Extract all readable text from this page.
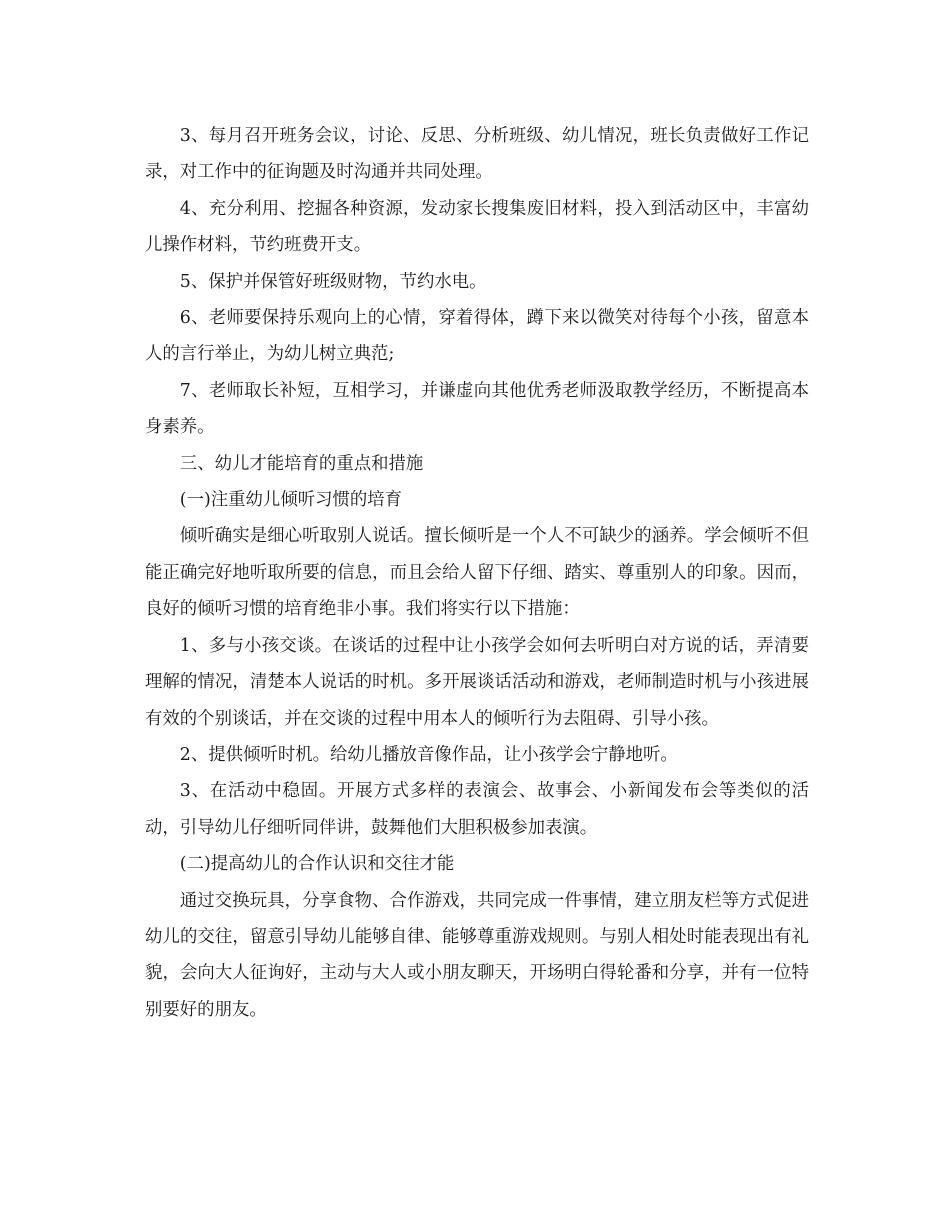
3、每月召开班务会议，讨论、反思、分析班级、幼儿情况，班长负责做好工作记录，对工作中的征询题及时沟通并共同处理。

4、充分利用、挖掘各种资源，发动家长搜集废旧材料，投入到活动区中，丰富幼儿操作材料，节约班费开支。

5、保护并保管好班级财物，节约水电。

6、老师要保持乐观向上的心情，穿着得体，蹲下来以微笑对待每个小孩，留意本人的言行举止，为幼儿树立典范;

7、老师取长补短，互相学习，并谦虚向其他优秀老师汲取教学经历，不断提高本身素养。

三、幼儿才能培育的重点和措施

(一)注重幼儿倾听习惯的培育

倾听确实是细心听取别人说话。擅长倾听是一个人不可缺少的涵养。学会倾听不但能正确完好地听取所要的信息，而且会给人留下仔细、踏实、尊重别人的印象。因而，良好的倾听习惯的培育绝非小事。我们将实行以下措施：

1、多与小孩交谈。在谈话的过程中让小孩学会如何去听明白对方说的话，弄清要理解的情况，清楚本人说话的时机。多开展谈话活动和游戏，老师制造时机与小孩进展有效的个别谈话，并在交谈的过程中用本人的倾听行为去阻碍、引导小孩。

2、提供倾听时机。给幼儿播放音像作品，让小孩学会宁静地听。

3、在活动中稳固。开展方式多样的表演会、故事会、小新闻发布会等类似的活动，引导幼儿仔细听同伴讲，鼓舞他们大胆积极参加表演。

(二)提高幼儿的合作认识和交往才能

通过交换玩具，分享食物、合作游戏，共同完成一件事情，建立朋友栏等方式促进幼儿的交往，留意引导幼儿能够自律、能够尊重游戏规则。与别人相处时能表现出有礼貌，会向大人征询好，主动与大人或小朋友聊天，开场明白得轮番和分享，并有一位特别要好的朋友。
